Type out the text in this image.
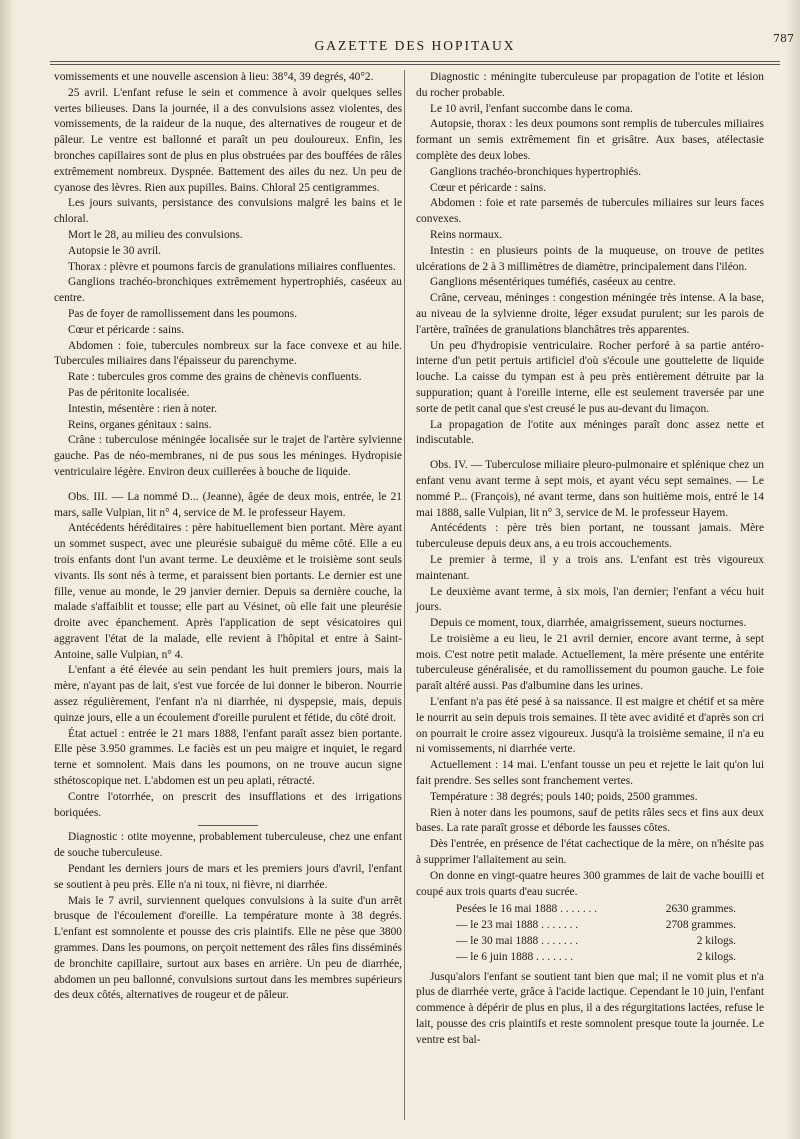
GAZETTE DES HOPITAUX	787

vomissements et une nouvelle ascension à lieu: 38°4, 39 degrés, 40°2.

25 avril. L'enfant refuse le sein et commence à avoir quelques selles vertes bilieuses. Dans la journée, il a des convulsions assez violentes, des vomissements, de la raideur de la nuque, des alternatives de rougeur et de pâleur. Le ventre est ballonné et paraît un peu douloureux. Enfin, les bronches capillaires sont de plus en plus obstruées par des bouffées de râles extrêmement nombreux. Dyspnée. Battement des ailes du nez. Un peu de cyanose des lèvres. Rien aux pupilles. Bains. Chloral 25 centigrammes.

Les jours suivants, persistance des convulsions malgré les bains et le chloral.

Mort le 28, au milieu des convulsions.

Autopsie le 30 avril.

Thorax : plèvre et poumons farcis de granulations miliaires confluentes.

Ganglions trachéo-bronchiques extrêmement hypertrophiés, caséeux au centre.

Pas de foyer de ramollissement dans les poumons.

Cœur et péricarde : sains.

Abdomen : foie, tubercules nombreux sur la face convexe et au hile. Tubercules miliaires dans l'épaisseur du parenchyme.

Rate : tubercules gros comme des grains de chènevis confluents.

Pas de péritonite localisée.

Intestin, mésentère : rien à noter.

Reins, organes génitaux : sains.

Crâne : tuberculose méningée localisée sur le trajet de l'artère sylvienne gauche. Pas de néo-membranes, ni de pus sous les méninges. Hydropisie ventriculaire légère. Environ deux cuillerées à bouche de liquide.

Obs. III. — La nommé D... (Jeanne), âgée de deux mois, entrée, le 21 mars, salle Vulpian, lit n° 4, service de M. le professeur Hayem.

Antécédents héréditaires : père habituellement bien portant. Mère ayant un sommet suspect, avec une pleurésie subaiguë du même côté. Elle a eu trois enfants dont l'un avant terme. Le deuxième et le troisième sont seuls vivants. Ils sont nés à terme, et paraissent bien portants. Le dernier est une fille, venue au monde, le 29 janvier dernier. Depuis sa dernière couche, la malade s'affaiblit et tousse; elle part au Vésinet, où elle fait une pleurésie droite avec épanchement. Après l'application de sept vésicatoires qui aggravent l'état de la malade, elle revient à l'hôpital et entre à Saint-Antoine, salle Vulpian, n° 4.

L'enfant a été élevée au sein pendant les huit premiers jours, mais la mère, n'ayant pas de lait, s'est vue forcée de lui donner le biberon. Nourrie assez régulièrement, l'enfant n'a ni diarrhée, ni dyspepsie, mais, depuis quinze jours, elle a un écoulement d'oreille purulent et fétide, du côté droit.

État actuel : entrée le 21 mars 1888, l'enfant paraît assez bien portante. Elle pèse 3.950 grammes. Le faciès est un peu maigre et inquiet, le regard terne et somnolent. Mais dans les poumons, on ne trouve aucun signe sthétoscopique net. L'abdomen est un peu aplati, rétracté.

Contre l'otorrhée, on prescrit des insufflations et des irrigations boriquées.

Diagnostic : otite moyenne, probablement tuberculeuse, chez une enfant de souche tuberculeuse.

Pendant les derniers jours de mars et les premiers jours d'avril, l'enfant se soutient à peu près. Elle n'a ni toux, ni fièvre, ni diarrhée.

Mais le 7 avril, surviennent quelques convulsions à la suite d'un arrêt brusque de l'écoulement d'oreille. La température monte à 38 degrés. L'enfant est somnolente et pousse des cris plaintifs. Elle ne pèse que 3800 grammes. Dans les poumons, on perçoit nettement des râles fins disséminés de bronchite capillaire, surtout aux bases en arrière. Un peu de diarrhée, abdomen un peu ballonné, convulsions surtout dans les membres supérieurs des deux côtés, alternatives de rougeur et de pâleur.

Diagnostic : méningite tuberculeuse par propagation de l'otite et lésion du rocher probable.

Le 10 avril, l'enfant succombe dans le coma.

Autopsie, thorax : les deux poumons sont remplis de tubercules miliaires formant un semis extrêmement fin et grisâtre. Aux bases, atélectasie complète des deux lobes.

Ganglions trachéo-bronchiques hypertrophiés.

Cœur et péricarde : sains.

Abdomen : foie et rate parsemés de tubercules miliaires sur leurs faces convexes.

Reins normaux.

Intestin : en plusieurs points de la muqueuse, on trouve de petites ulcérations de 2 à 3 millimètres de diamètre, principalement dans l'iléon.

Ganglions mésentériques tuméfiés, caséeux au centre.

Crâne, cerveau, méninges : congestion méningée très intense. A la base, au niveau de la sylvienne droite, léger exsudat purulent; sur les parois de l'artère, traînées de granulations blanchâtres très apparentes.

Un peu d'hydropisie ventriculaire. Rocher perforé à sa partie antéro-interne d'un petit pertuis artificiel d'où s'écoule une gouttelette de liquide louche. La caisse du tympan est à peu près entièrement détruite par la suppuration; quant à l'oreille interne, elle est seulement traversée par une sorte de petit canal que s'est creusé le pus au-devant du limaçon.

La propagation de l'otite aux méninges paraît donc assez nette et indiscutable.

Obs. IV. — Tuberculose miliaire pleuro-pulmonaire et splénique chez un enfant venu avant terme à sept mois, et ayant vécu sept semaines. — Le nommé P... (François), né avant terme, dans son huitième mois, entré le 14 mai 1888, salle Vulpian, lit n° 3, service de M. le professeur Hayem.

Antécédents : père très bien portant, ne toussant jamais. Mère tuberculeuse depuis deux ans, a eu trois accouchements.

Le premier à terme, il y a trois ans. L'enfant est très vigoureux maintenant.

Le deuxième avant terme, à six mois, l'an dernier; l'enfant a vécu huit jours.

Depuis ce moment, toux, diarrhée, amaigrissement, sueurs nocturnes.

Le troisième a eu lieu, le 21 avril dernier, encore avant terme, à sept mois. C'est notre petit malade. Actuellement, la mère présente une entérite tuberculeuse généralisée, et du ramollissement du poumon gauche. Le foie paraît altéré aussi. Pas d'albumine dans les urines.

L'enfant n'a pas été pesé à sa naissance. Il est maigre et chétif et sa mère le nourrit au sein depuis trois semaines. Il tète avec avidité et d'après son cri on pourrait le croire assez vigoureux. Jusqu'à la troisième semaine, il n'a eu ni vomissements, ni diarrhée verte.

Actuellement : 14 mai. L'enfant tousse un peu et rejette le lait qu'on lui fait prendre. Ses selles sont franchement vertes.

Température : 38 degrés; pouls 140; poids, 2500 grammes.

Rien à noter dans les poumons, sauf de petits râles secs et fins aux deux bases. La rate paraît grosse et déborde les fausses côtes.

Dès l'entrée, en présence de l'état cachectique de la mère, on n'hésite pas à supprimer l'allaitement au sein.

On donne en vingt-quatre heures 300 grammes de lait de vache bouilli et coupé aux trois quarts d'eau sucrée.

Pesées le 16 mai 1888 . . . . . . .	2630 grammes.
— le 23 mai 1888 . . . . . . .	2708 grammes.
— le 30 mai 1888 . . . . . . .	2 kilogs.
— le 6 juin 1888 . . . . . . .	2 kilogs.

Jusqu'alors l'enfant se soutient tant bien que mal; il ne vomit plus et n'a plus de diarrhée verte, grâce à l'acide lactique. Cependant le 10 juin, l'enfant commence à dépérir de plus en plus, il a des régurgitations lactées, refuse le lait, pousse des cris plaintifs et reste somnolent presque toute la journée. Le ventre est bal-
